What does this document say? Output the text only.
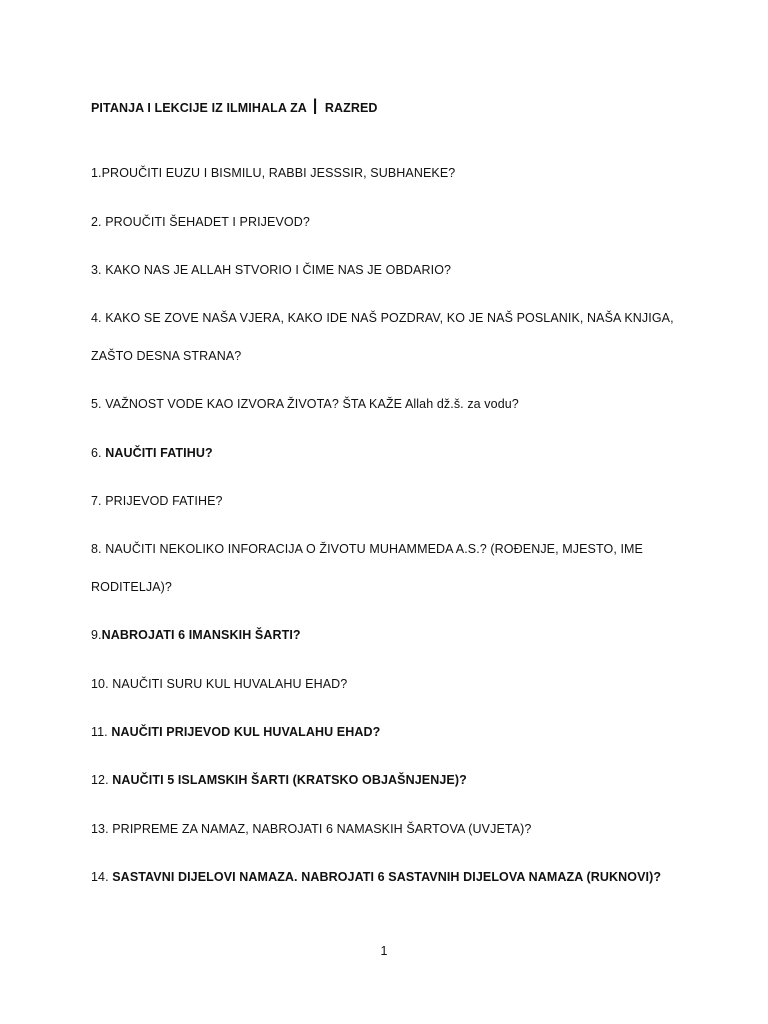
PITANJA I LEKCIJE IZ ILMIHALA ZA I RAZRED
1.PROUČITI EUZU I BISMILU, RABBI JESSSIR, SUBHANEKE?
2. PROUČITI ŠEHADET I PRIJEVOD?
3. KAKO NAS JE ALLAH STVORIO I ČIME NAS JE OBDARIO?
4. KAKO SE ZOVE NAŠA VJERA, KAKO IDE NAŠ POZDRAV, KO JE NAŠ POSLANIK, NAŠA KNJIGA,
ZAŠTO DESNA STRANA?
5. VAŽNOST VODE KAO IZVORA ŽIVOTA? ŠTA KAŽE Allah dž.š. za vodu?
6. NAUČITI FATIHU?
7. PRIJEVOD FATIHE?
8. NAUČITI NEKOLIKO INFORACIJA O ŽIVOTU MUHAMMEDA A.S.? (ROĐENJE, MJESTO, IME
RODITELJA)?
9.NABROJATI 6 IMANSKIH ŠARTI?
10. NAUČITI SURU KUL HUVALAHU EHAD?
11. NAUČITI PRIJEVOD KUL HUVALAHU EHAD?
12. NAUČITI 5 ISLAMSKIH ŠARTI (KRATSKO OBJAŠNJENJE)?
13. PRIPREME ZA NAMAZ, NABROJATI 6 NAMASKIH ŠARTOVA (UVJETA)?
14. SASTAVNI DIJELOVI NAMAZA. NABROJATI 6 SASTAVNIH DIJELOVA NAMAZA (RUKNOVI)?
1
